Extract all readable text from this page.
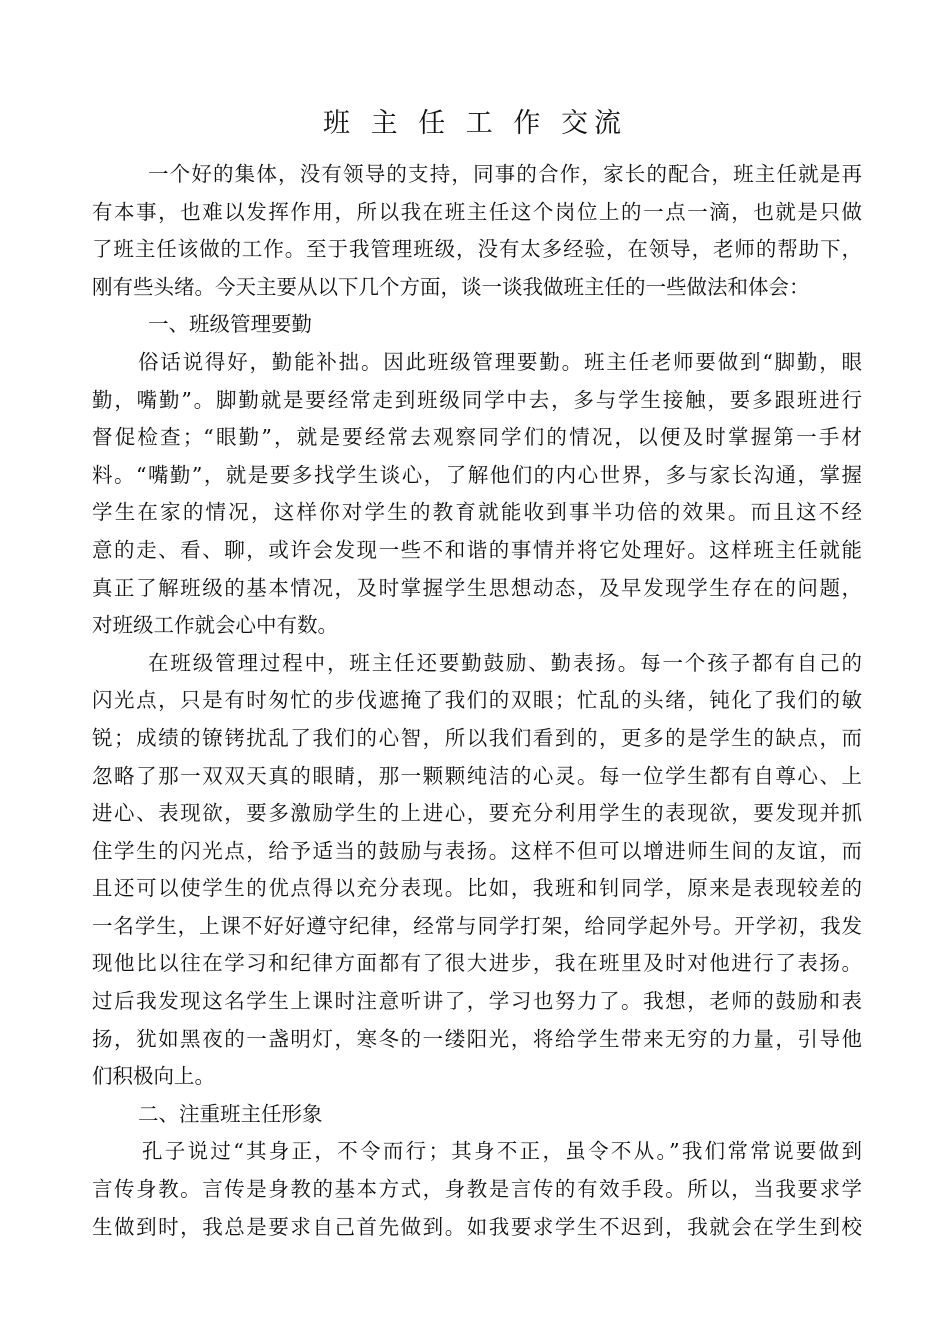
班 主 任 工 作 交流

一个好的集体，没有领导的支持，同事的合作，家长的配合，班主任就是再

有本事，也难以发挥作用，所以我在班主任这个岗位上的一点一滴，也就是只做

了班主任该做的工作。至于我管理班级，没有太多经验，在领导，老师的帮助下，

刚有些头绪。今天主要从以下几个方面，谈一谈我做班主任的一些做法和体会：

一、班级管理要勤

俗话说得好，勤能补拙。因此班级管理要勤。班主任老师要做到“脚勤，眼

勤，嘴勤”。脚勤就是要经常走到班级同学中去，多与学生接触，要多跟班进行

督促检查；“眼勤”，就是要经常去观察同学们的情况，以便及时掌握第一手材

料。“嘴勤”，就是要多找学生谈心，了解他们的内心世界，多与家长沟通，掌握

学生在家的情况，这样你对学生的教育就能收到事半功倍的效果。而且这不经

意的走、看、聊，或许会发现一些不和谐的事情并将它处理好。这样班主任就能

真正了解班级的基本情况，及时掌握学生思想动态，及早发现学生存在的问题，

对班级工作就会心中有数。

在班级管理过程中，班主任还要勤鼓励、勤表扬。每一个孩子都有自己的

闪光点，只是有时匆忙的步伐遮掩了我们的双眼；忙乱的头绪，钝化了我们的敏

锐；成绩的镣铐扰乱了我们的心智，所以我们看到的，更多的是学生的缺点，而

忽略了那一双双天真的眼睛，那一颗颗纯洁的心灵。每一位学生都有自尊心、上

进心、表现欲，要多激励学生的上进心，要充分利用学生的表现欲，要发现并抓

住学生的闪光点，给予适当的鼓励与表扬。这样不但可以增进师生间的友谊，而

且还可以使学生的优点得以充分表现。比如，我班和钊同学，原来是表现较差的

一名学生，上课不好好遵守纪律，经常与同学打架，给同学起外号。开学初，我发

现他比以往在学习和纪律方面都有了很大进步，我在班里及时对他进行了表扬。

过后我发现这名学生上课时注意听讲了，学习也努力了。我想，老师的鼓励和表

扬，犹如黑夜的一盏明灯，寒冬的一缕阳光，将给学生带来无穷的力量，引导他

们积极向上。

二、注重班主任形象

孔子说过“其身正，不令而行；其身不正，虽令不从。”我们常常说要做到

言传身教。言传是身教的基本方式，身教是言传的有效手段。所以，当我要求学

生做到时，我总是要求自己首先做到。如我要求学生不迟到，我就会在学生到校
